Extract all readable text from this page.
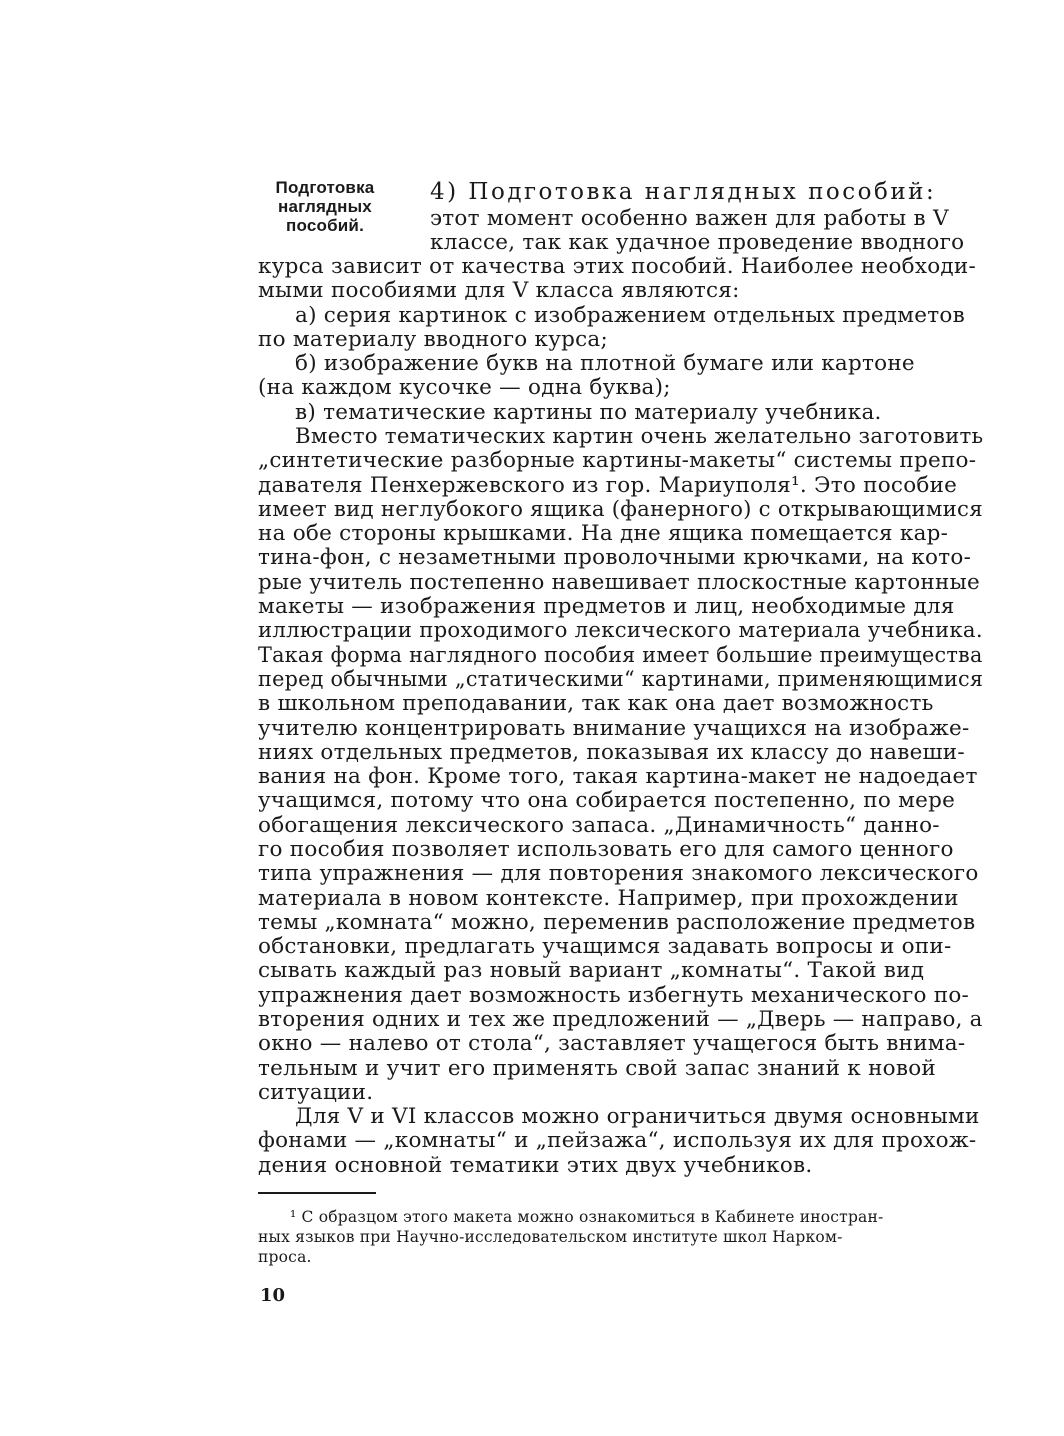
Подготовка
наглядных
пособий.
4) Подготовка наглядных пособий:
этот момент особенно важен для работы в V
классе, так как удачное проведение вводного
курса зависит от качества этих пособий. Наиболее необходи-
мыми пособиями для V класса являются:
а) серия картинок с изображением отдельных предметов
по материалу вводного курса;
б) изображение букв на плотной бумаге или картоне
(на каждом кусочке — одна буква);
в) тематические картины по материалу учебника.
Вместо тематических картин очень желательно заготовить
„синтетические разборные картины-макеты“ системы препо-
давателя Пенхержевского из гор. Мариуполя¹. Это пособие
имеет вид неглубокого ящика (фанерного) с открывающимися
на обе стороны крышками. На дне ящика помещается кар-
тина-фон, с незаметными проволочными крючками, на кото-
рые учитель постепенно навешивает плоскостные картонные
макеты — изображения предметов и лиц, необходимые для
иллюстрации проходимого лексического материала учебника.
Такая форма наглядного пособия имеет большие преимущества
перед обычными „статическими“ картинами, применяющимися
в школьном преподавании, так как она дает возможность
учителю концентрировать внимание учащихся на изображе-
ниях отдельных предметов, показывая их классу до навеши-
вания на фон. Кроме того, такая картина-макет не надоедает
учащимся, потому что она собирается постепенно, по мере
обогащения лексического запаса. „Динамичность“ данно-
го пособия позволяет использовать его для самого ценного
типа упражнения — для повторения знакомого лексического
материала в новом контексте. Например, при прохождении
темы „комната“ можно, переменив расположение предметов
обстановки, предлагать учащимся задавать вопросы и опи-
сывать каждый раз новый вариант „комнаты“. Такой вид
упражнения дает возможность избегнуть механического по-
вторения одних и тех же предложений — „Дверь — направо, а
окно — налево от стола“, заставляет учащегося быть внима-
тельным и учит его применять свой запас знаний к новой
ситуации.
Для V и VI классов можно ограничиться двумя основными
фонами — „комнаты“ и „пейзажа“, используя их для прохож-
дения основной тематики этих двух учебников.
¹ С образцом этого макета можно ознакомиться в Кабинете иностран-
ных языков при Научно-исследовательском институте школ Нарком-
проса.
10
